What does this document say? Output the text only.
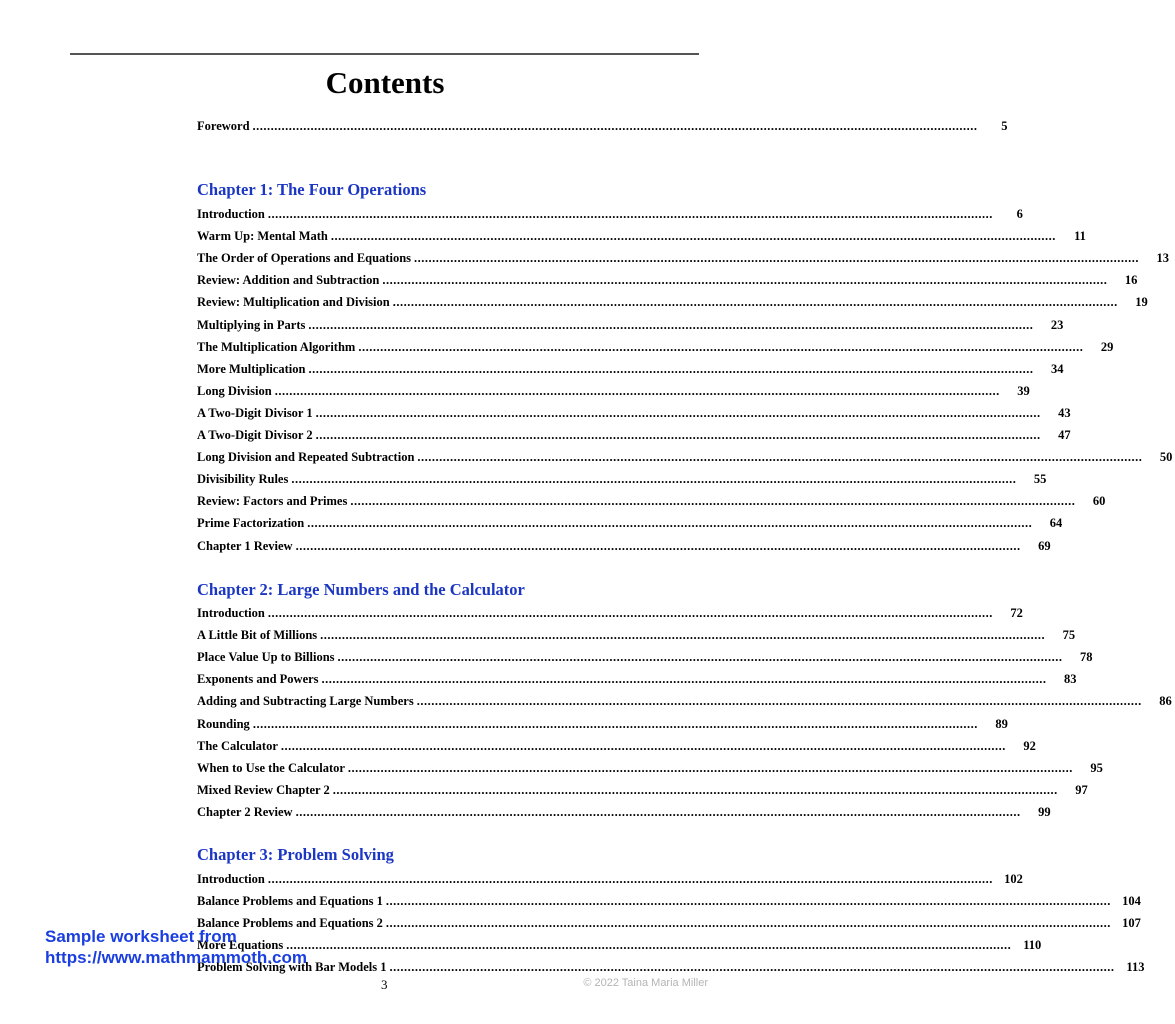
Contents
Foreword ........................................................................................................................................................................................................	5
Chapter 1: The Four Operations
Introduction ........................................................................................................................................................................................................	6
Warm Up: Mental Math ........................................................................................................................................................................................................	11
The Order of Operations and Equations ........................................................................................................................................................................................................	13
Review: Addition and Subtraction ........................................................................................................................................................................................................	16
Review: Multiplication and Division ........................................................................................................................................................................................................	19
Multiplying in Parts ........................................................................................................................................................................................................	23
The Multiplication Algorithm ........................................................................................................................................................................................................	29
More Multiplication ........................................................................................................................................................................................................	34
Long Division ........................................................................................................................................................................................................	39
A Two-Digit Divisor 1 ........................................................................................................................................................................................................	43
A Two-Digit Divisor 2 ........................................................................................................................................................................................................	47
Long Division and Repeated Subtraction ........................................................................................................................................................................................................	50
Divisibility Rules ........................................................................................................................................................................................................	55
Review: Factors and Primes ........................................................................................................................................................................................................	60
Prime Factorization ........................................................................................................................................................................................................	64
Chapter 1 Review ........................................................................................................................................................................................................	69
Chapter 2: Large Numbers and the Calculator
Introduction ........................................................................................................................................................................................................	72
A Little Bit of Millions ........................................................................................................................................................................................................	75
Place Value Up to Billions ........................................................................................................................................................................................................	78
Exponents and Powers ........................................................................................................................................................................................................	83
Adding and Subtracting Large Numbers ........................................................................................................................................................................................................	86
Rounding ........................................................................................................................................................................................................	89
The Calculator ........................................................................................................................................................................................................	92
When to Use the Calculator ........................................................................................................................................................................................................	95
Mixed Review Chapter 2 ........................................................................................................................................................................................................	97
Chapter 2 Review ........................................................................................................................................................................................................	99
Chapter 3: Problem Solving
Introduction ........................................................................................................................................................................................................ 102
Balance Problems and Equations 1 ........................................................................................................................................................................................................ 104
Balance Problems and Equations 2 ........................................................................................................................................................................................................ 107
More Equations ........................................................................................................................................................................................................ 110
Problem Solving with Bar Models 1 ........................................................................................................................................................................................................ 113
Sample worksheet from
https://www.mathmammoth.com
3	© 2022 Taina Maria Miller
